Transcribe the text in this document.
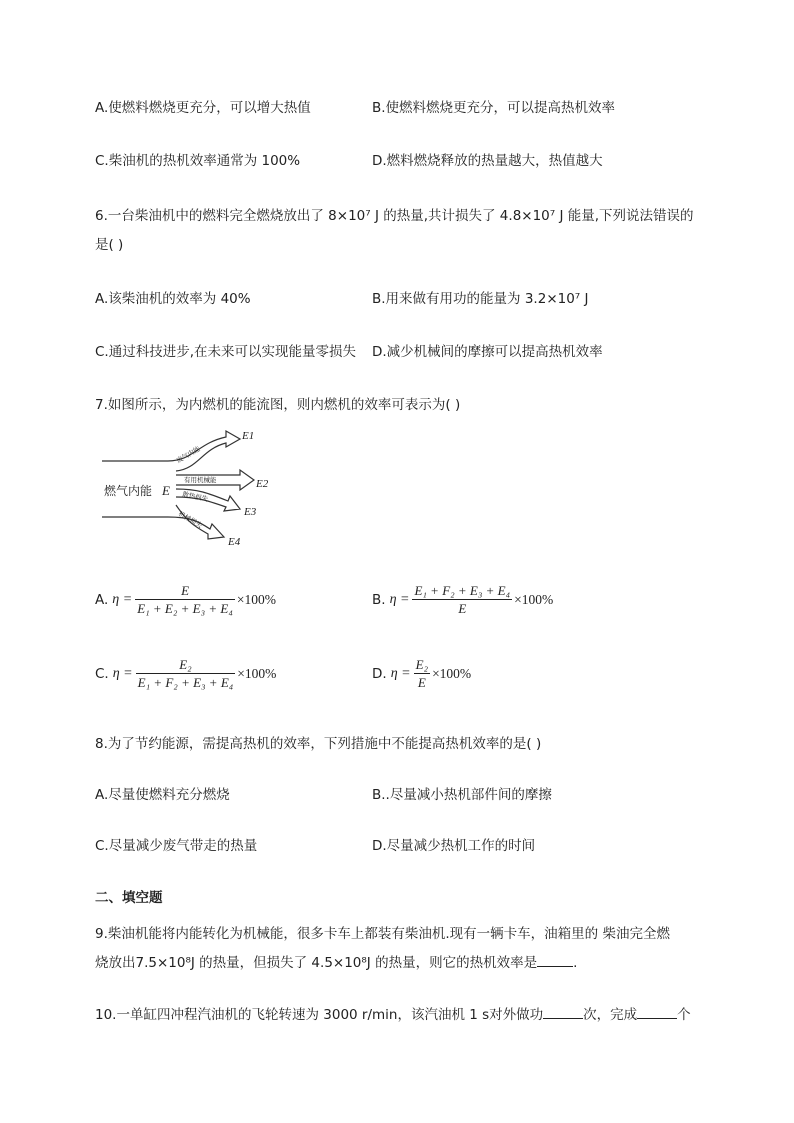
A.使燃料燃烧更充分，可以增大热值	B.使燃料燃烧更充分，可以提高热机效率
C.柴油机的热机效率通常为 100%	D.燃料燃烧释放的热量越大，热值越大
6.一台柴油机中的燃料完全燃烧放出了 8×10⁷ J 的热量,共计损失了 4.8×10⁷ J 能量,下列说法错误的
是( )
A.该柴油机的效率为 40%	B.用来做有用功的能量为 3.2×10⁷ J
C.通过科技进步,在未来可以实现能量零损失 D.减少机械间的摩擦可以提高热机效率
7.如图所示，为内燃机的能流图，则内燃机的效率可表示为( )
燃气内能 E
废气内能
有用机械能
散热损失
机械损失
E1
E2
E3
E4
A. $\eta = \frac{E}{\text{E₁ + E₂ + E₃ + E₄}} \times 100\%$	B. $\eta = \frac{\text{E₁ + F₂ + E₃ + E₄}}{E} \times 100\%$
C. $\eta = \frac{\text{E₂}}{\text{E₁ + F₂ + E₃ + E₄}} \times 100\%$	D. $\eta = \frac{\text{E₂}}{E} \times 100\%$
8.为了节约能源，需提高热机的效率，下列措施中不能提高热机效率的是( )
A.尽量使燃料充分燃烧	B..尽量减小热机部件间的摩擦
C.尽量减少废气带走的热量	D.尽量减少热机工作的时间
二、填空题
9.柴油机能将内能转化为机械能，很多卡车上都装有柴油机.现有一辆卡车，油箱里的 柴油完全燃
烧放出7.5×10⁸J 的热量，但损失了 4.5×10⁸J 的热量，则它的热机效率是	.
10.一单缸四冲程汽油机的飞轮转速为 3000 r/min，该汽油机 1 s对外做功	次，完成	个
